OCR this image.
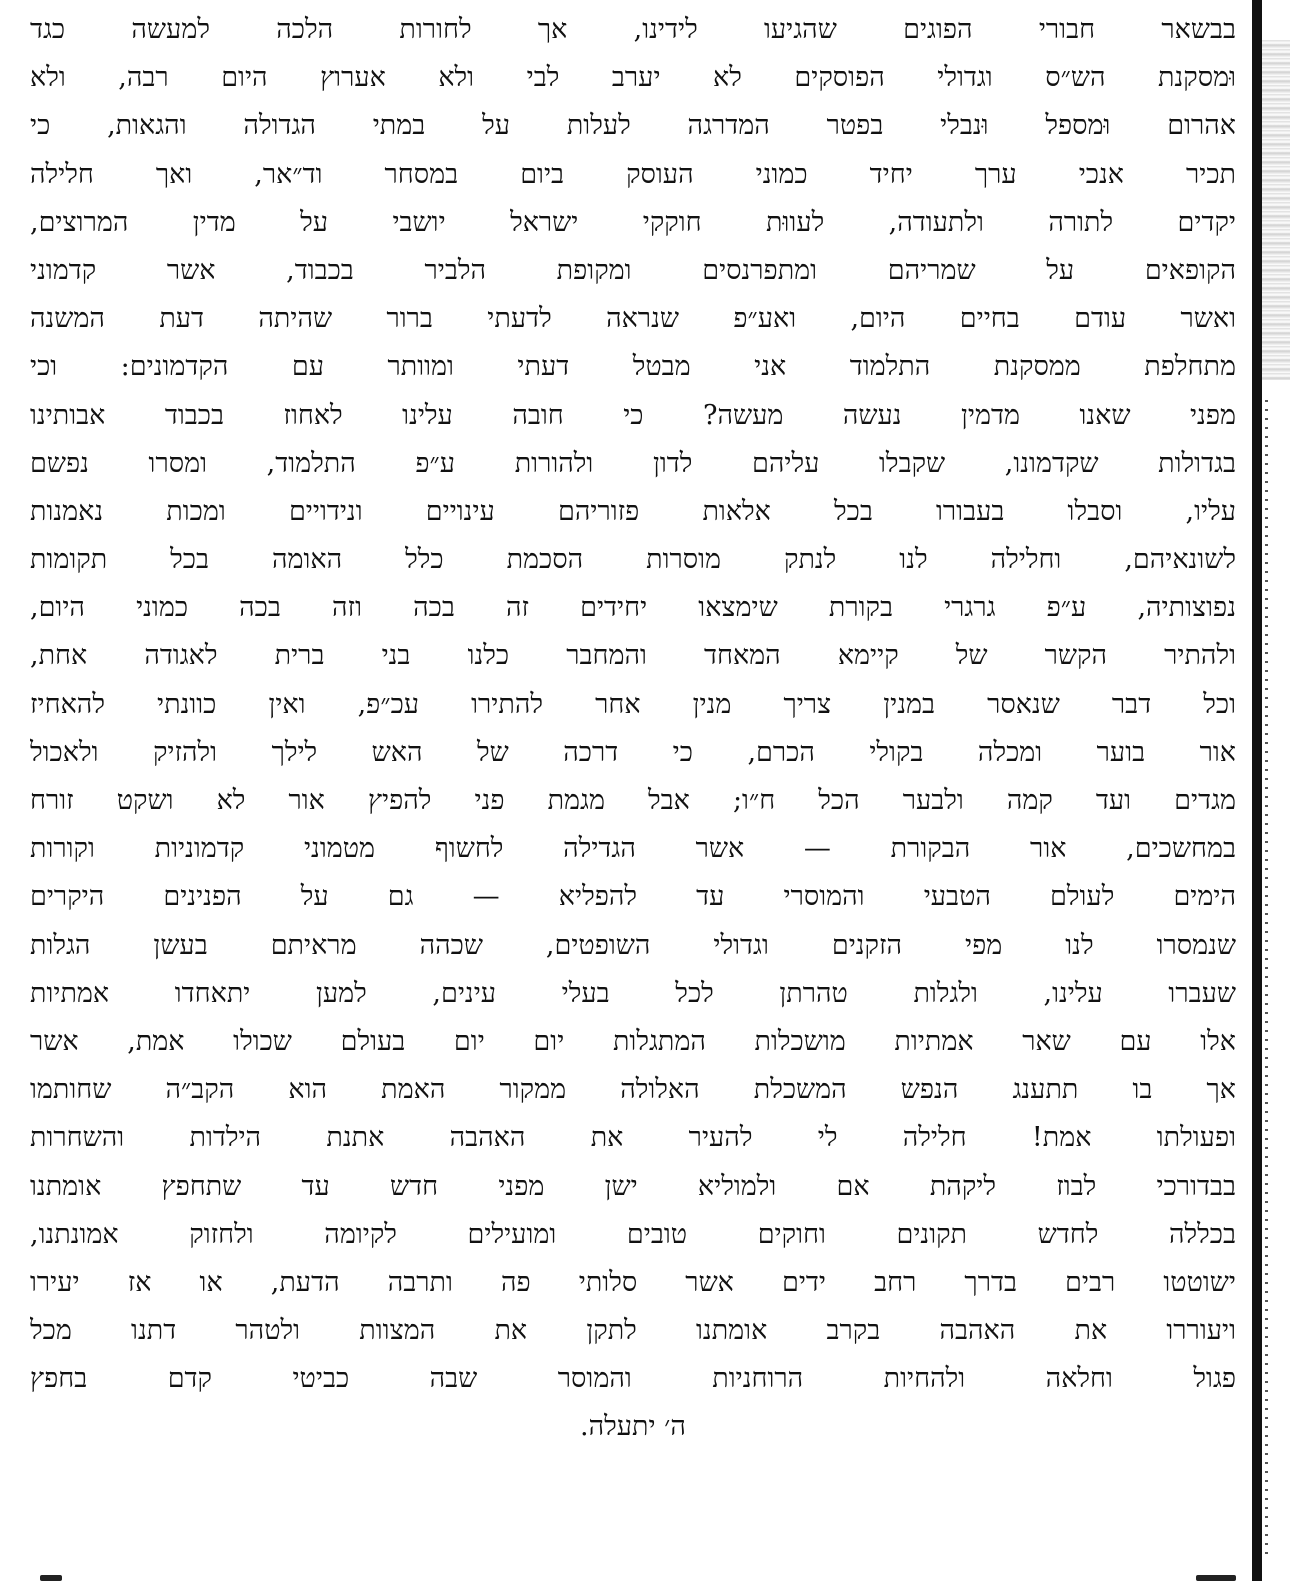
בבשאר חבורי הפוגים שהגיעו לידינו, אך לחורות הלכה למעשה כגד
וּמסקנת הש״ס וגדולי הפוסקים לא יערב לבי ולא אערוץ היום רבה, ולא
אהרום וּמספל וּנבלי בפטר המדרגה לעלות על במתי הגדולה והגאות, כי
תכיר אנכי ערך יחיד כמוני העוסק ביום במסחר וד״אר, ואך חלילה
יקדים לתורה ולתעודה, לעווּת חוקקי ישראל יושבי על מדין המרוצים,
הקופאים על שמריהם ומתפרנסים ומקופת הלביר בכבוד, אשר קדמוני
ואשר עודם בחיים היום, ואע״פ שנראה לדעתי ברור שהיתה דעת המשנה
מתחלפת ממסקנת התלמוד אני מבטל דעתי ומוותר עם הקדמונים: וכי
מפני שאנו מדמין נעשה מעשה? כי חובה עלינו לאחוז בכבוד אבותינו
בגדולות שקדמונו, שקבלו עליהם לדון ולהורות ע״פ התלמוד, ומסרו נפשם
עליו, וסבלו בעבורו בכל אלאות פזוריהם עינויים ונידויים ומכות נאמנות
לשונאיהם, וחלילה לנו לנתק מוסרות הסכמת כלל האומה בכל תקומות
נפוצותיה, ע״פ גרגרי בקורת שימצאו יחידים זה בכה וזה בכה כמוני היום,
ולהתיר הקשר של קיימא המאחד והמחבר כלנו בני ברית לאגודה אחת,
וכל דבר שנאסר במנין צריך מנין אחר להתירו עכ״פ, ואין כוונתי להאחיז
אור בוער ומכלה בקולי הכרם, כי דרכה של האש לילך ולהזיק ולאכול
מגדים ועד קמה ולבער הכל ח״ו; אבל מגמת פני להפיץ אור לא ושקט זורח
במחשכים, אור הבקורת — אשר הגדילה לחשוף מטמוני קדמוניות וקורות
הימים לעולם הטבעי והמוסרי עד להפליא — גם על הפנינים היקרים
שנמסרו לנו מפי הזקנים וגדולי השופטים, שכהה מראיתם בעשן הגלות
שעברו עלינו, ולגלות טהרתן לכל בעלי עינים, למען יתאחדו אמתיות
אלו עם שאר אמתיות מושכלות המתגלות יום יום בעולם שכולו אמת, אשר
אך בו תתענג הנפש המשכלת האלולה ממקור האמת הוא הקב״ה שחותמו
ופעולתו אמת! חלילה לי להעיר את האהבה אתנת הילדות והשחרות
בבדורכי לבוז ליקהת אם ולמוליא ישן מפני חדש עד שתחפץ אומתנו
בכללה לחדש תקונים וחוקים טובים ומועילים לקיומה ולחזוק אמונתנו,
ישוטטו רבים בדרך רחב ידים אשר סלותי פה ותרבה הדעת, או אז יעירו
ויעוררו את האהבה בקרב אומתנו לתקן את המצוות ולטהר דתנו מכל
פגול וחלאה ולהחיות הרוחניות והמוסר שבה כביטי קדם בחפץ
ה׳ יתעלה.
